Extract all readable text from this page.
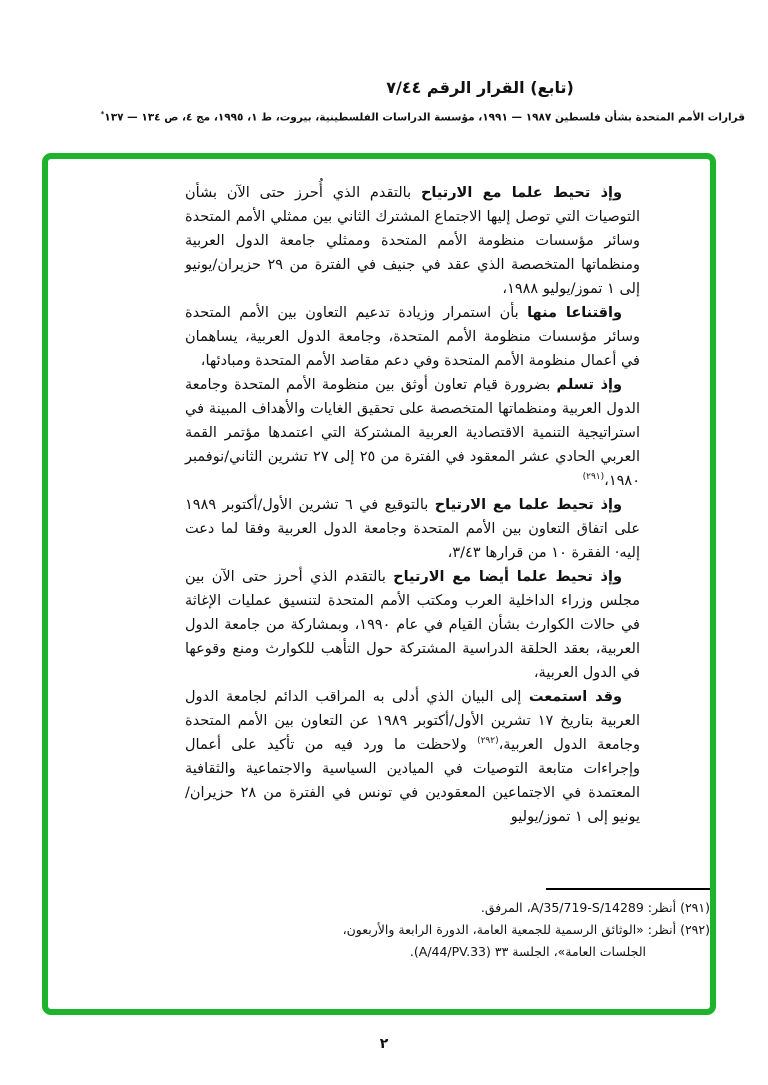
(تابع) القرار الرقم ٧/٤٤
قرارات الأمم المتحدة بشأن فلسطين ١٩٨٧ — ١٩٩١، مؤسسة الدراسات الفلسطينية، بيروت، ط ١، ١٩٩٥، مج ٤، ص ١٣٤ — ١٣٧*

وإذ تحيط علما مع الارتياح بالتقدم الذي أُحرز حتى الآن بشأن التوصيات التي توصل إليها الاجتماع المشترك الثاني بين ممثلي الأمم المتحدة وسائر مؤسسات منظومة الأمم المتحدة وممثلي جامعة الدول العربية ومنظماتها المتخصصة الذي عقد في جنيف في الفترة من ٢٩ حزيران/يونيو إلى ١ تموز/يوليو ١٩٨٨،

واقتناعا منها بأن استمرار وزيادة تدعيم التعاون بين الأمم المتحدة وسائر مؤسسات منظومة الأمم المتحدة، وجامعة الدول العربية، يساهمان في أعمال منظومة الأمم المتحدة وفي دعم مقاصد الأمم المتحدة ومبادئها،

وإذ تسلم بضرورة قيام تعاون أوثق بين منظومة الأمم المتحدة وجامعة الدول العربية ومنظماتها المتخصصة على تحقيق الغايات والأهداف المبينة في استراتيجية التنمية الاقتصادية العربية المشتركة التي اعتمدها مؤتمر القمة العربي الحادي عشر المعقود في الفترة من ٢٥ إلى ٢٧ تشرين الثاني/نوفمبر ١٩٨٠،$^{(٢٩١)}$

وإذ تحيط علما مع الارتياح بالتوقيع في ٦ تشرين الأول/أكتوبر ١٩٨٩ على اتفاق التعاون بين الأمم المتحدة وجامعة الدول العربية وفقا لما دعت إليه· الفقرة ١٠ من قرارها ٣/٤٣،

وإذ تحيط علما أيضا مع الارتياح بالتقدم الذي أحرز حتى الآن بين مجلس وزراء الداخلية العرب ومكتب الأمم المتحدة لتنسيق عمليات الإغاثة في حالات الكوارث بشأن القيام في عام ١٩٩٠، وبمشاركة من جامعة الدول العربية، بعقد الحلقة الدراسية المشتركة حول التأهب للكوارث ومنع وقوعها في الدول العربية،

وقد استمعت إلى البيان الذي أدلى به المراقب الدائم لجامعة الدول العربية بتاريخ ١٧ تشرين الأول/أكتوبر ١٩٨٩ عن التعاون بين الأمم المتحدة وجامعة الدول العربية،$^{(٢٩٢)}$ ولاحظت ما ورد فيه من تأكيد على أعمال وإجراءات متابعة التوصيات في الميادين السياسية والاجتماعية والثقافية المعتمدة في الاجتماعين المعقودين في تونس في الفترة من ٢٨ حزيران/يونيو إلى ١ تموز/يوليو

(٢٩١) أنظر: A/35/719-S/14289، المرفق.
(٢٩٢) أنظر: «الوثائق الرسمية للجمعية العامة، الدورة الرابعة والأربعون،
الجلسات العامة»، الجلسة ٣٣ (A/44/PV.33).
٢
